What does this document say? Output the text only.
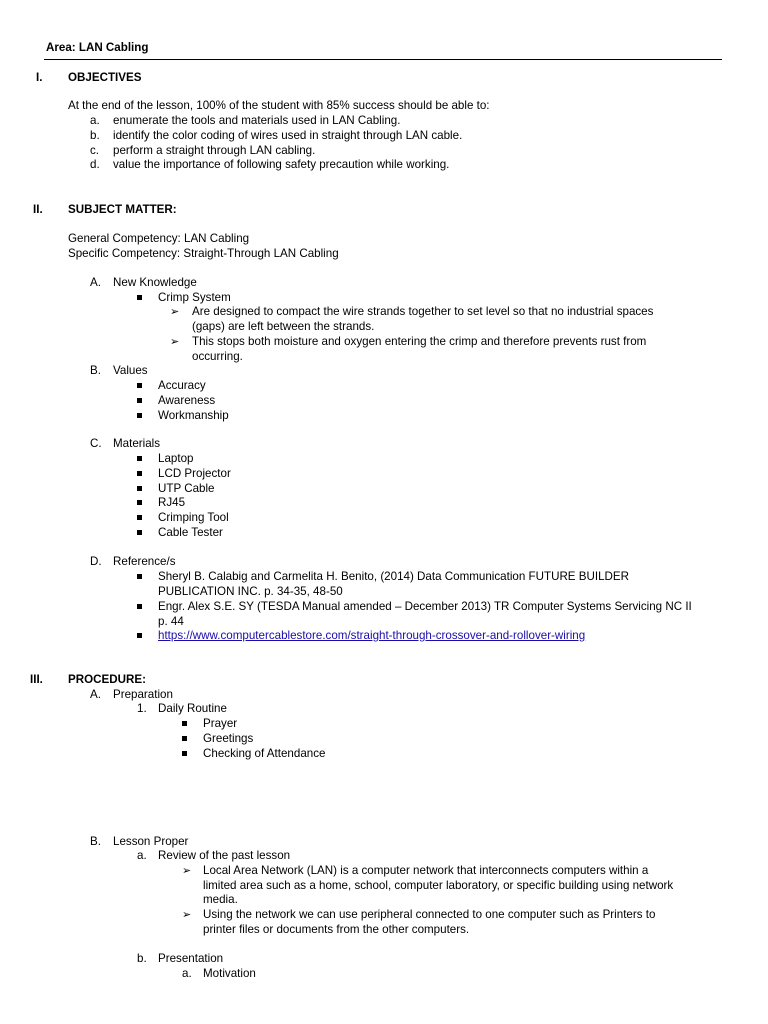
Area: LAN Cabling
I. OBJECTIVES
At the end of the lesson, 100% of the student with 85% success should be able to:
a. enumerate the tools and materials used in LAN Cabling.
b. identify the color coding of wires used in straight through LAN cable.
c. perform a straight through LAN cabling.
d. value the importance of following safety precaution while working.
II. SUBJECT MATTER:
General Competency: LAN Cabling
Specific Competency: Straight-Through LAN Cabling
A. New Knowledge
Crimp System
➢ Are designed to compact the wire strands together to set level so that no industrial spaces
(gaps) are left between the strands.
➢ This stops both moisture and oxygen entering the crimp and therefore prevents rust from
occurring.
B. Values
Accuracy
Awareness
Workmanship
C. Materials
Laptop
LCD Projector
UTP Cable
RJ45
Crimping Tool
Cable Tester
D. Reference/s
Sheryl B. Calabig and Carmelita H. Benito, (2014) Data Communication FUTURE BUILDER
PUBLICATION INC. p. 34-35, 48-50
Engr. Alex S.E. SY (TESDA Manual amended – December 2013) TR Computer Systems Servicing NC II
p. 44
https://www.computercablestore.com/straight-through-crossover-and-rollover-wiring
III. PROCEDURE:
A. Preparation
1. Daily Routine
Prayer
Greetings
Checking of Attendance
B. Lesson Proper
a. Review of the past lesson
➢ Local Area Network (LAN) is a computer network that interconnects computers within a
limited area such as a home, school, computer laboratory, or specific building using network
media.
➢ Using the network we can use peripheral connected to one computer such as Printers to
printer files or documents from the other computers.
b. Presentation
a. Motivation
